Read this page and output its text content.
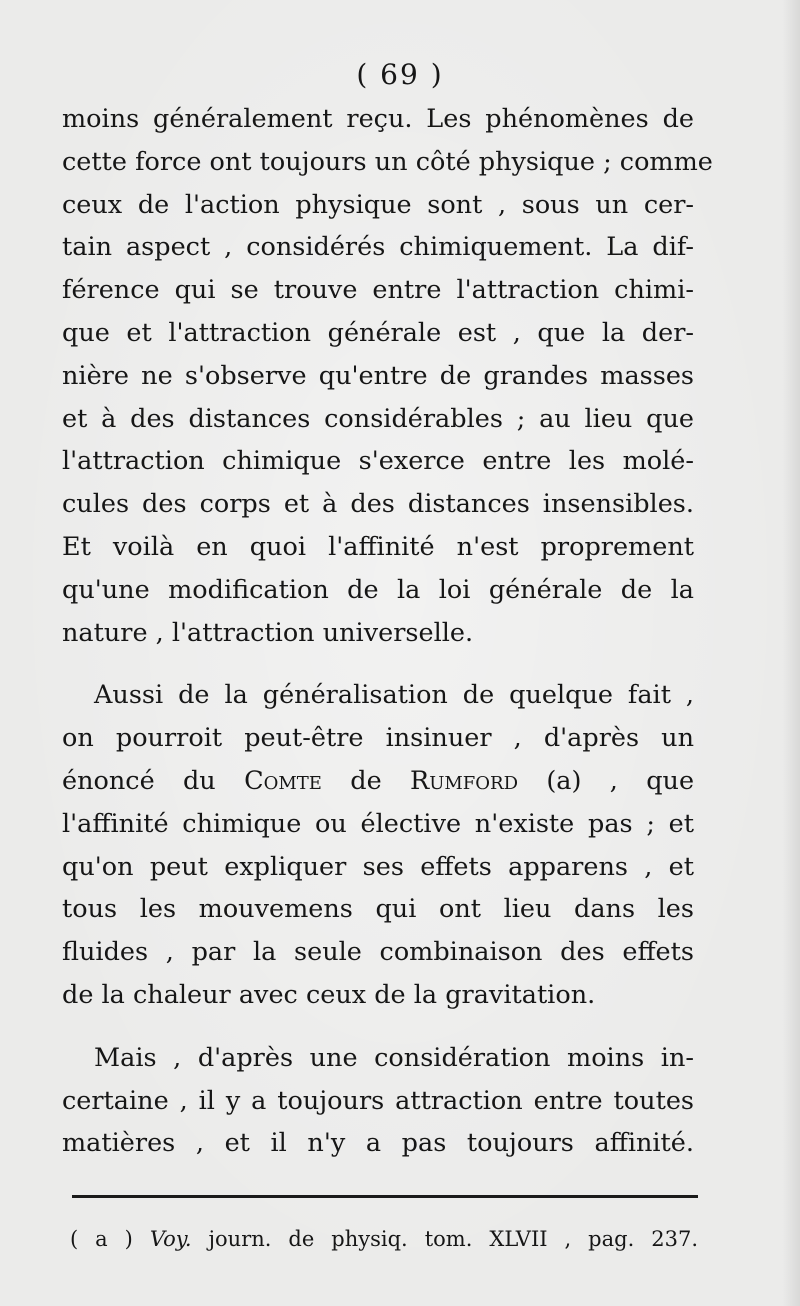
( 69 )
moins généralement reçu. Les phénomènes de
cette force ont toujours un côté physique ; comme
ceux de l'action physique sont , sous un cer-
tain aspect , considérés chimiquement. La dif-
férence qui se trouve entre l'attraction chimi-
que et l'attraction générale est , que la der-
nière ne s'observe qu'entre de grandes masses
et à des distances considérables ; au lieu que
l'attraction chimique s'exerce entre les molé-
cules des corps et à des distances insensibles.
Et voilà en quoi l'affinité n'est proprement
qu'une modification de la loi générale de la
nature , l'attraction universelle.
Aussi de la généralisation de quelque fait ,
on pourroit peut-être insinuer , d'après un
énoncé du Comte de Rumford (a) , que
l'affinité chimique ou élective n'existe pas ; et
qu'on peut expliquer ses effets apparens , et
tous les mouvemens qui ont lieu dans les
fluides , par la seule combinaison des effets
de la chaleur avec ceux de la gravitation.
Mais , d'après une considération moins in-
certaine , il y a toujours attraction entre toutes
matières , et il n'y a pas toujours affinité.
( a ) Voy. journ. de physiq. tom. XLVII , pag. 237.
